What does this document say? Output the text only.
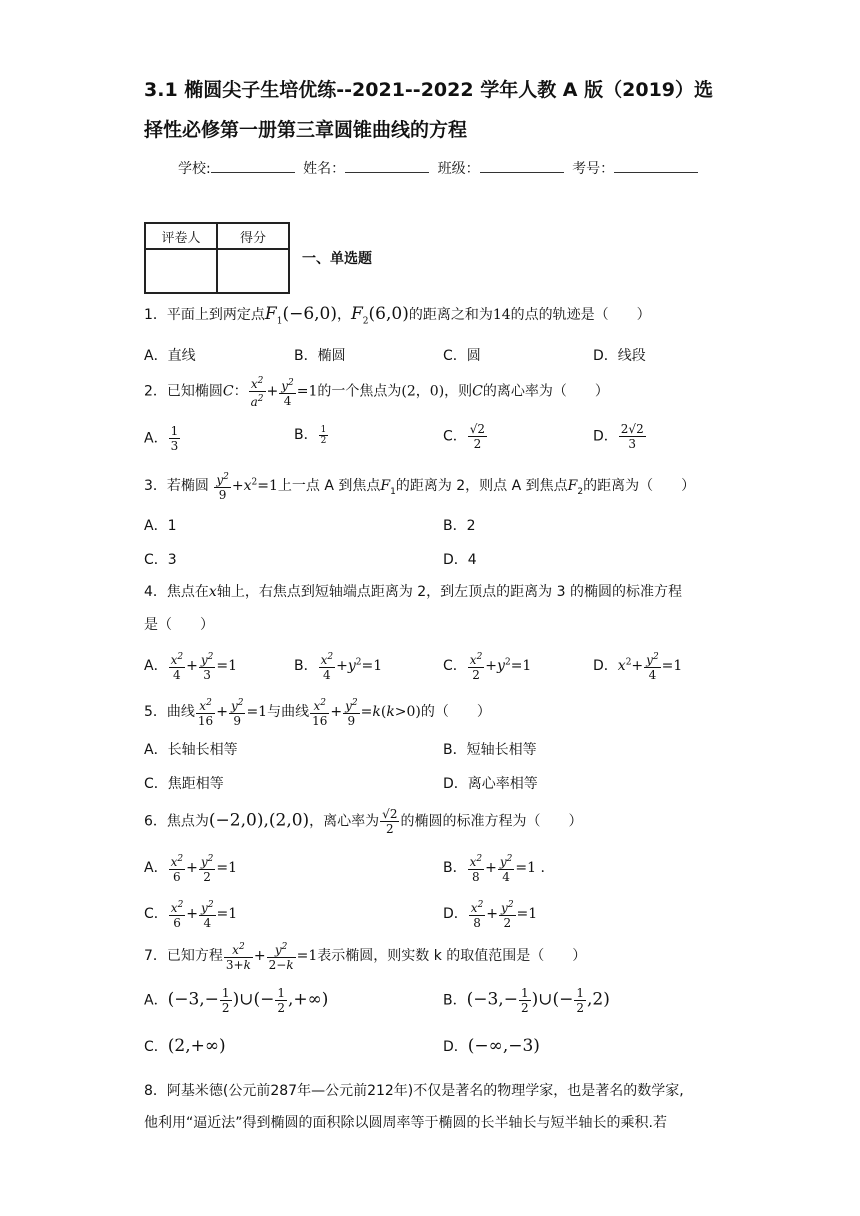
3.1 椭圆尖子生培优练--2021--2022 学年人教 A 版（2019）选
择性必修第一册第三章圆锥曲线的方程
学校:	姓名：	班级：	考号：
评卷人	得分

一、单选题
1．平面上到两定点$F_1(-6,0)$，$F_2(6,0)$的距离之和为14的点的轨迹是（　　）
A．直线	B．椭圆	C．圆	D．线段
2．已知椭圆C： $\frac{x^2}{a^2} + \frac{y^2}{4} =1$的一个焦点为(2，0)，则C的离心率为（　　）
A． $\frac{1}{3}$	B． $\frac{1}{2}$	C． $\frac{√2}{2}$	D． $\frac{2√2}{3}$
3．若椭圆 $\frac{y^2}{9} +x^2=1$上一点 A 到焦点$F_1$的距离为 2，则点 A 到焦点$F_2$的距离为（　　）
A．1	B．2
C．3	D．4
4．焦点在x轴上，右焦点到短轴端点距离为 2，到左顶点的距离为 3 的椭圆的标准方程
是（　　）
A． $\frac{x^2}{4} + \frac{y^2}{3} =1$	B． $\frac{x^2}{4} +y^2=1$	C． $\frac{x^2}{2} +y^2=1$	D．$x^2+ \frac{y^2}{4} =1$
5．曲线 $\frac{x^2}{16} + \frac{y^2}{9} =1$与曲线 $\frac{x^2}{16} + \frac{y^2}{9} =k(k>0)$的（　　）
A．长轴长相等	B．短轴长相等
C．焦距相等	D．离心率相等
6．焦点为(−2,0),(2,0)，离心率为 $\frac{√2}{2}$ 的椭圆的标准方程为（　　）
A． $\frac{x^2}{6} + \frac{y^2}{2} =1$	B． $\frac{x^2}{8} + \frac{y^2}{4} =1$ .
C． $\frac{x^2}{6} + \frac{y^2}{4} =1$	D． $\frac{x^2}{8} + \frac{y^2}{2} =1$
7．已知方程 $\frac{x^2}{3+k} + \frac{y^2}{2-k} =1$表示椭圆，则实数 k 的取值范围是（　　）
A．($-3,- \frac{1}{2}$ )∪(− $\frac{1}{2}$ ,+∞)	B．($-3,- \frac{1}{2}$ )∪(− $\frac{1}{2} ,2$)
C．(2,+∞)	D．(−∞,−3)
8．阿基米德(公元前287年—公元前212年)不仅是著名的物理学家，也是著名的数学家,
他利用“逼近法”得到椭圆的面积除以圆周率等于椭圆的长半轴长与短半轴长的乘积.若
